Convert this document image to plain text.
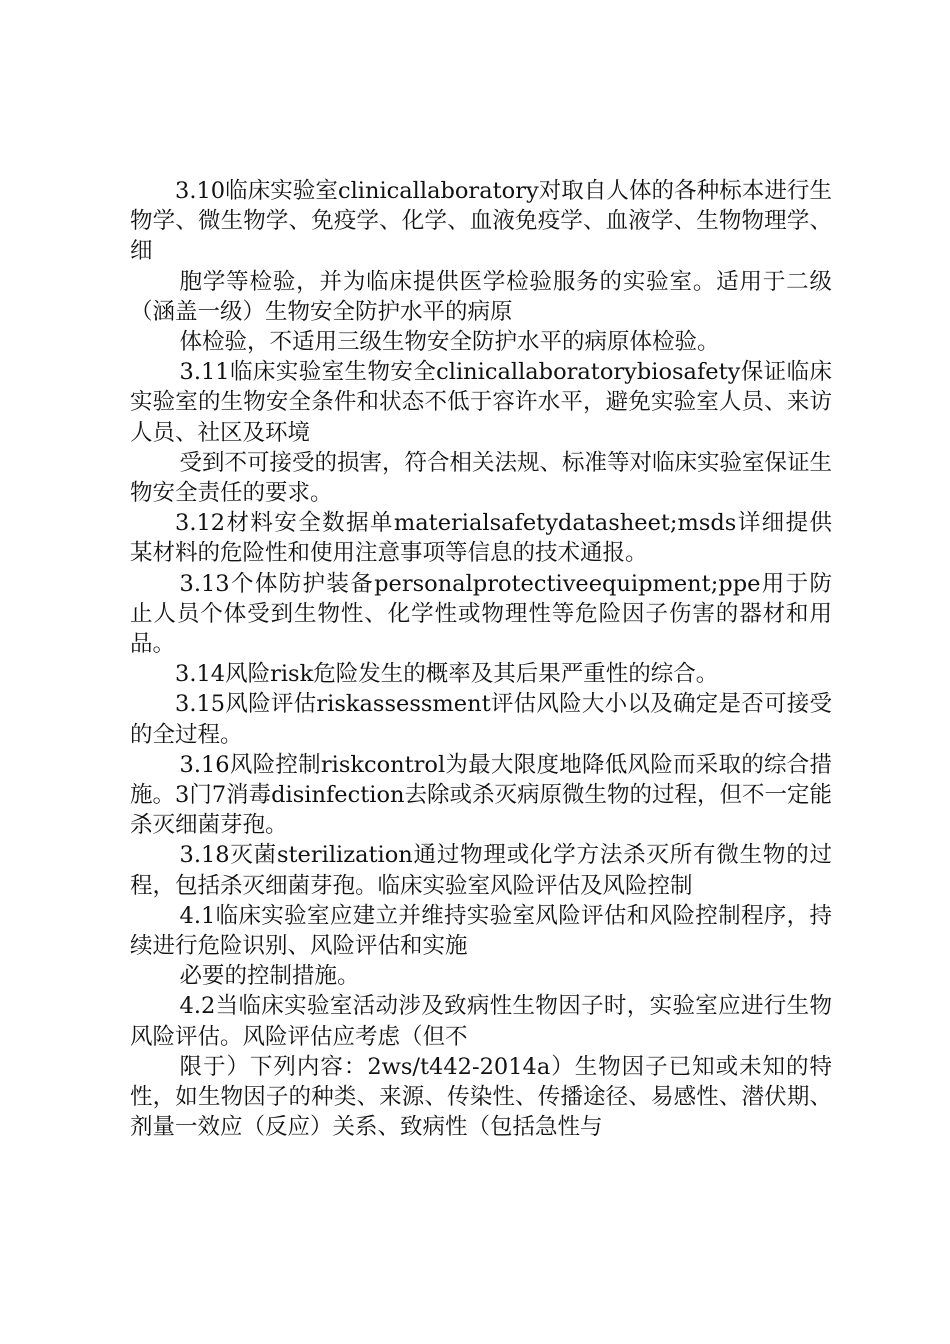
3.10临床实验室clinicallaboratory对取自人体的各种标本进行生物学、微生物学、免疫学、化学、血液免疫学、血液学、生物物理学、细

胞学等检验，并为临床提供医学检验服务的实验室。适用于二级（涵盖一级）生物安全防护水平的病原

体检验，不适用三级生物安全防护水平的病原体检验。

3.11临床实验室生物安全clinicallaboratorybiosafety保证临床实验室的生物安全条件和状态不低于容许水平，避免实验室人员、来访人员、社区及环境

受到不可接受的损害，符合相关法规、标准等对临床实验室保证生物安全责任的要求。

3.12材料安全数据单materialsafetydatasheet;msds详细提供某材料的危险性和使用注意事项等信息的技术通报。

3.13个体防护装备personalprotectiveequipment;ppe用于防止人员个体受到生物性、化学性或物理性等危险因子伤害的器材和用品。

3.14风险risk危险发生的概率及其后果严重性的综合。

3.15风险评估riskassessment评估风险大小以及确定是否可接受的全过程。

3.16风险控制riskcontrol为最大限度地降低风险而采取的综合措施。3门7消毒disinfection去除或杀灭病原微生物的过程，但不一定能杀灭细菌芽孢。

3.18灭菌sterilization通过物理或化学方法杀灭所有微生物的过程，包括杀灭细菌芽孢。临床实验室风险评估及风险控制

4.1临床实验室应建立并维持实验室风险评估和风险控制程序，持续进行危险识别、风险评估和实施

必要的控制措施。

4.2当临床实验室活动涉及致病性生物因子时，实验室应进行生物风险评估。风险评估应考虑（但不

限于）下列内容：2ws/t442-2014a）生物因子已知或未知的特性，如生物因子的种类、来源、传染性、传播途径、易感性、潜伏期、剂量一效应（反应）关系、致病性（包括急性与
